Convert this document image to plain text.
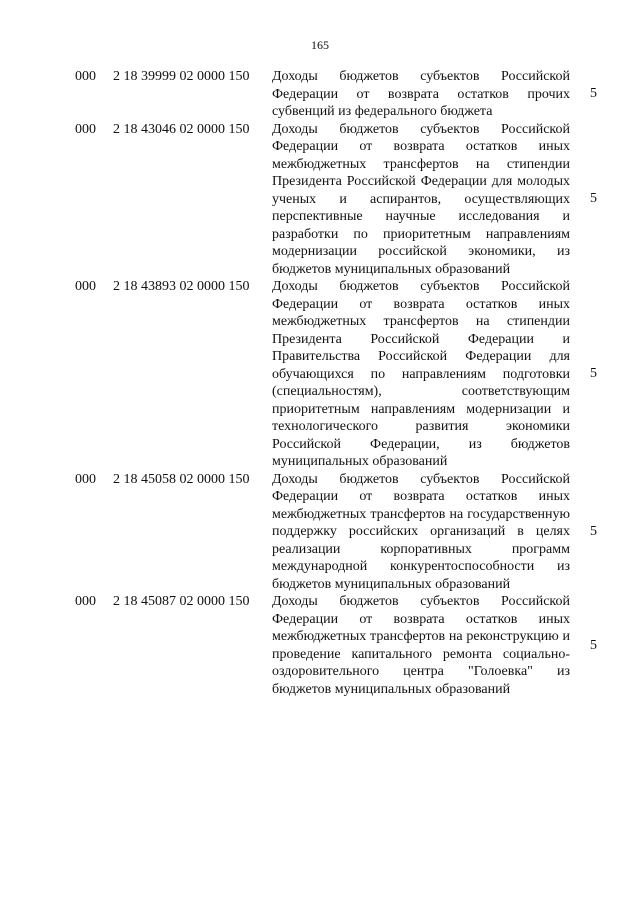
165
000 2 18 39999 02 0000 150 Доходы бюджетов субъектов Российской Федерации от возврата остатков прочих субвенций из федерального бюджета
5
000 2 18 43046 02 0000 150 Доходы бюджетов субъектов Российской Федерации от возврата остатков иных межбюджетных трансфертов на стипендии Президента Российской Федерации для молодых ученых и аспирантов, осуществляющих перспективные научные исследования и разработки по приоритетным направлениям модернизации российской экономики, из бюджетов муниципальных образований
5
000 2 18 43893 02 0000 150 Доходы бюджетов субъектов Российской Федерации от возврата остатков иных межбюджетных трансфертов на стипендии Президента Российской Федерации и Правительства Российской Федерации для обучающихся по направлениям подготовки (специальностям), соответствующим приоритетным направлениям модернизации и технологического развития экономики Российской Федерации, из бюджетов муниципальных образований
5
000 2 18 45058 02 0000 150 Доходы бюджетов субъектов Российской Федерации от возврата остатков иных межбюджетных трансфертов на государственную поддержку российских организаций в целях реализации корпоративных программ международной конкурентоспособности из бюджетов муниципальных образований
5
000 2 18 45087 02 0000 150 Доходы бюджетов субъектов Российской Федерации от возврата остатков иных межбюджетных трансфертов на реконструкцию и проведение капитального ремонта социально-оздоровительного центра "Голоевка" из бюджетов муниципальных образований
5
